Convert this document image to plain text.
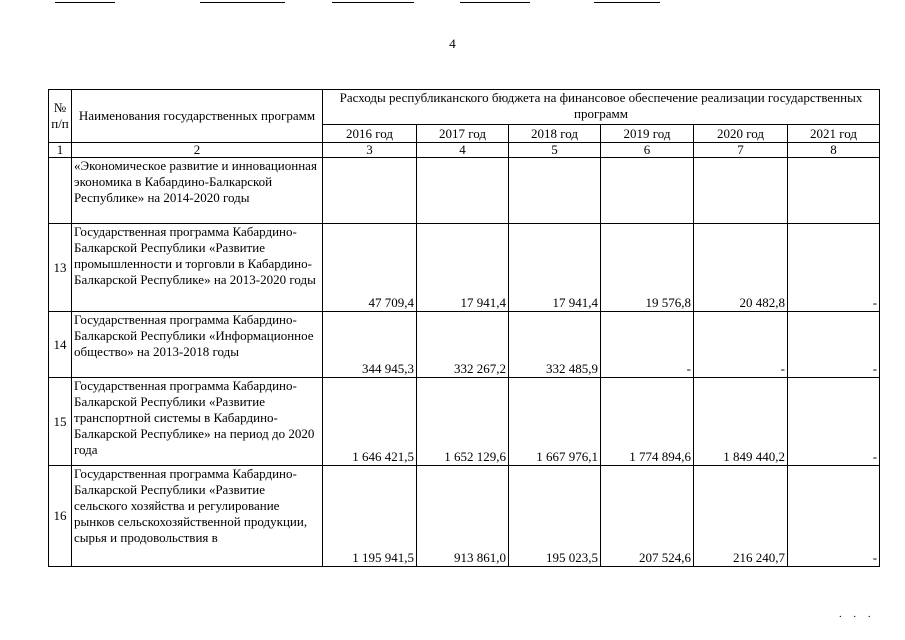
4
№ п/п	Наименования государственных программ	Расходы республиканского бюджета на финансовое обеспечение реализации государственных программ					
		2016 год	2017 год	2018 год	2019 год	2020 год	2021 год
1	2	3	4	5	6	7	8
	«Экономическое развитие и инновационная экономика в Кабардино-Балкарской Республике» на 2014-2020 годы						
13	Государственная программа Кабардино-Балкарской Республики «Развитие промышленности и торговли в Кабардино-Балкарской Республике» на 2013-2020 годы	47 709,4	17 941,4	17 941,4	19 576,8	20 482,8	-
14	Государственная программа Кабардино-Балкарской Республики «Информационное общество» на 2013-2018 годы	344 945,3	332 267,2	332 485,9	-	-	-
15	Государственная программа Кабардино-Балкарской Республики «Развитие транспортной системы в Кабардино-Балкарской Республике» на период до 2020 года	1 646 421,5	1 652 129,6	1 667 976,1	1 774 894,6	1 849 440,2	-
16	Государственная программа Кабардино-Балкарской Республики «Развитие сельского хозяйства и регулирование рынков сельскохозяйственной продукции, сырья и продовольствия в	1 195 941,5	913 861,0	195 023,5	207 524,6	216 240,7	-
· · ·
